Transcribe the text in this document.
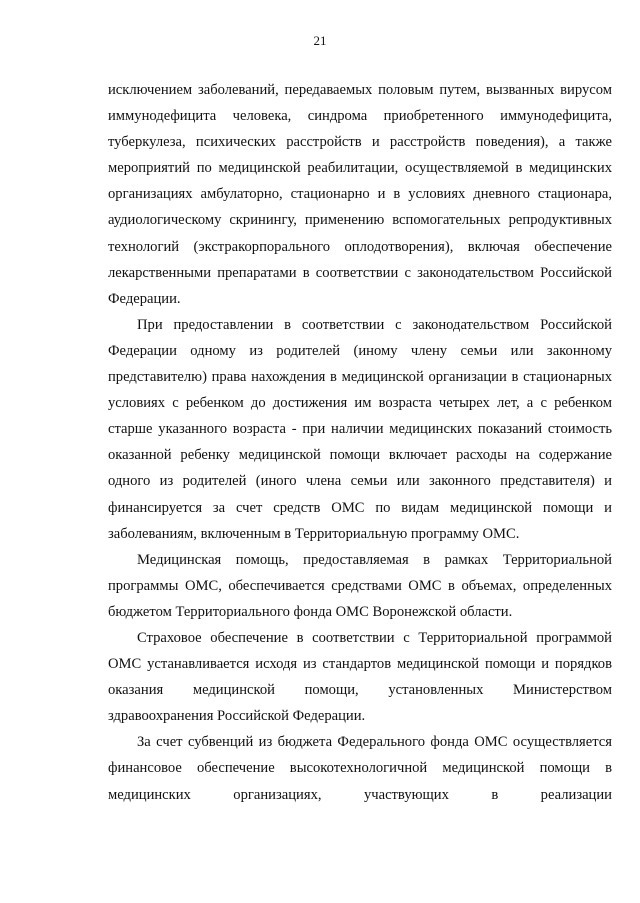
21

исключением заболеваний, передаваемых половым путем, вызванных вирусом иммунодефицита человека, синдрома приобретенного иммунодефицита, туберкулеза, психических расстройств и расстройств поведения), а также мероприятий по медицинской реабилитации, осуществляемой в медицинских организациях амбулаторно, стационарно и в условиях дневного стационара, аудиологическому скринингу, применению вспомогательных репродуктивных технологий (экстракорпорального оплодотворения), включая обеспечение лекарственными препаратами в соответствии с законодательством Российской Федерации.

При предоставлении в соответствии с законодательством Российской Федерации одному из родителей (иному члену семьи или законному представителю) права нахождения в медицинской организации в стационарных условиях с ребенком до достижения им возраста четырех лет, а с ребенком старше указанного возраста - при наличии медицинских показаний стоимость оказанной ребенку медицинской помощи включает расходы на содержание одного из родителей (иного члена семьи или законного представителя) и финансируется за счет средств ОМС по видам медицинской помощи и заболеваниям, включенным в Территориальную программу ОМС.

Медицинская помощь, предоставляемая в рамках Территориальной программы ОМС, обеспечивается средствами ОМС в объемах, определенных бюджетом Территориального фонда ОМС Воронежской области.

Страховое обеспечение в соответствии с Территориальной программой ОМС устанавливается исходя из стандартов медицинской помощи и порядков оказания медицинской помощи, установленных Министерством здравоохранения Российской Федерации.

За счет субвенций из бюджета Федерального фонда ОМС осуществляется финансовое обеспечение высокотехнологичной медицинской помощи в медицинских организациях, участвующих в реализации
